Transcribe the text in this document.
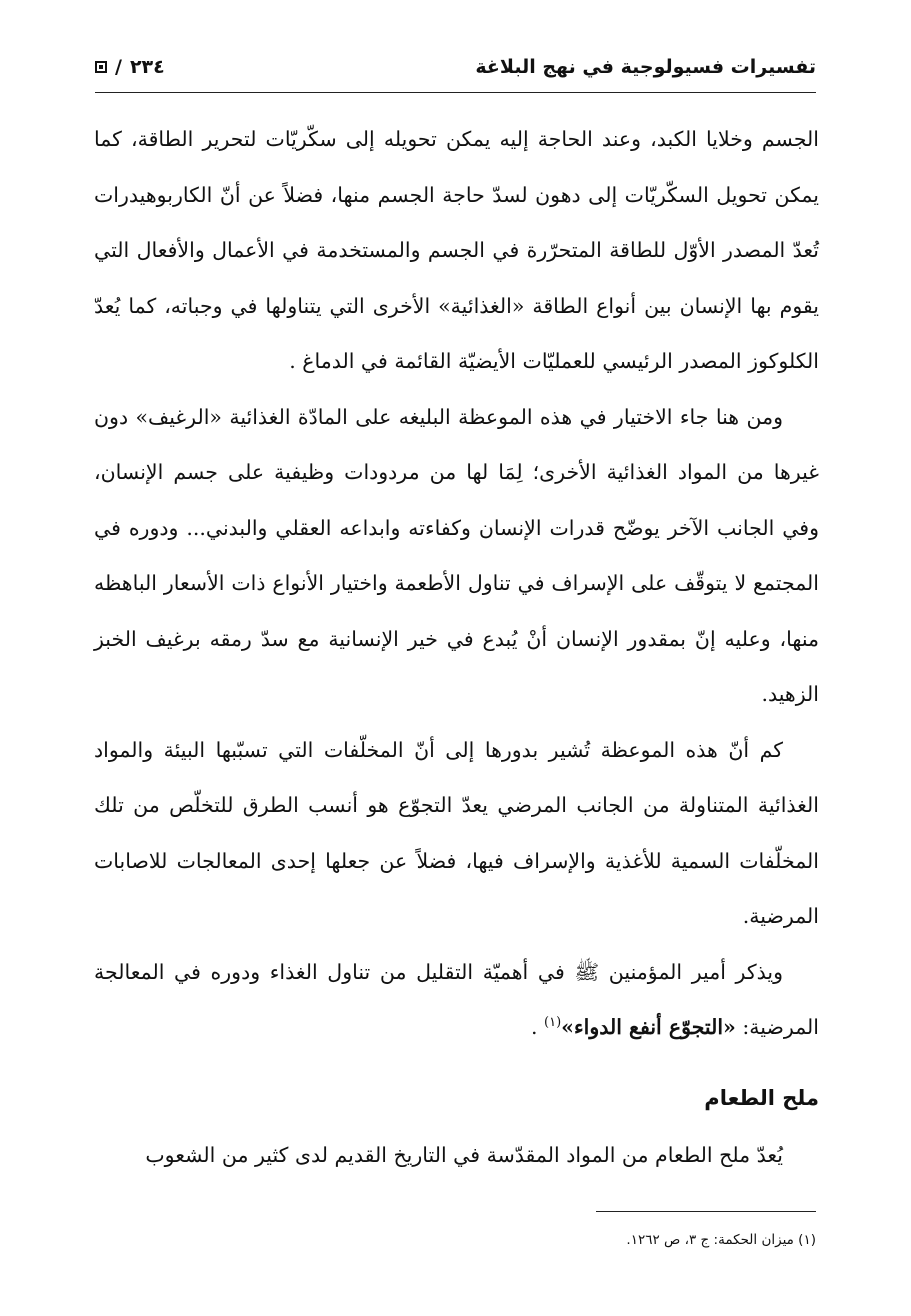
تفسيرات فسيولوجية في نهج البلاغة
/ ٢٣٤

الجسم وخلايا الكبد، وعند الحاجة إليه يمكن تحويله إلى سكّريّات لتحرير الطاقة، كما يمكن تحويل السكّريّات إلى دهون لسدّ حاجة الجسم منها، فضلاً عن أنّ الكاربوهيدرات تُعدّ المصدر الأوّل للطاقة المتحرّرة في الجسم والمستخدمة في الأعمال والأفعال التي يقوم بها الإنسان بين أنواع الطاقة «الغذائية» الأخرى التي يتناولها في وجباته، كما يُعدّ الكلوكوز المصدر الرئيسي للعمليّات الأيضيّة القائمة في الدماغ .

ومن هنا جاء الاختيار في هذه الموعظة البليغه على المادّة الغذائية «الرغيف» دون غيرها من المواد الغذائية الأخرى؛ لِمَا لها من مردودات وظيفية على جسم الإنسان، وفي الجانب الآخر يوضّح قدرات الإنسان وكفاءته وابداعه العقلي والبدني... ودوره في المجتمع لا يتوقّف على الإسراف في تناول الأطعمة واختيار الأنواع ذات الأسعار الباهظه منها، وعليه إنّ بمقدور الإنسان أنْ يُبدع في خير الإنسانية مع سدّ رمقه برغيف الخبز الزهيد.

كم أنّ هذه الموعظة تُشير بدورها إلى أنّ المخلّفات التي تسبّبها البيئة والمواد الغذائية المتناولة من الجانب المرضي يعدّ التجوّع هو أنسب الطرق للتخلّص من تلك المخلّفات السمية للأغذية والإسراف فيها، فضلاً عن جعلها إحدى المعالجات للاصابات المرضية.

ويذكر أمير المؤمنين ﷺ في أهميّة التقليل من تناول الغذاء ودوره في المعالجة المرضية: «التجوّع أنفع الدواء»$^{(١)}$ .

ملح الطعام

يُعدّ ملح الطعام من المواد المقدّسة في التاريخ القديم لدى كثير من الشعوب

(١) ميزان الحكمة: ج ٣، ص ١٢٦٢.
